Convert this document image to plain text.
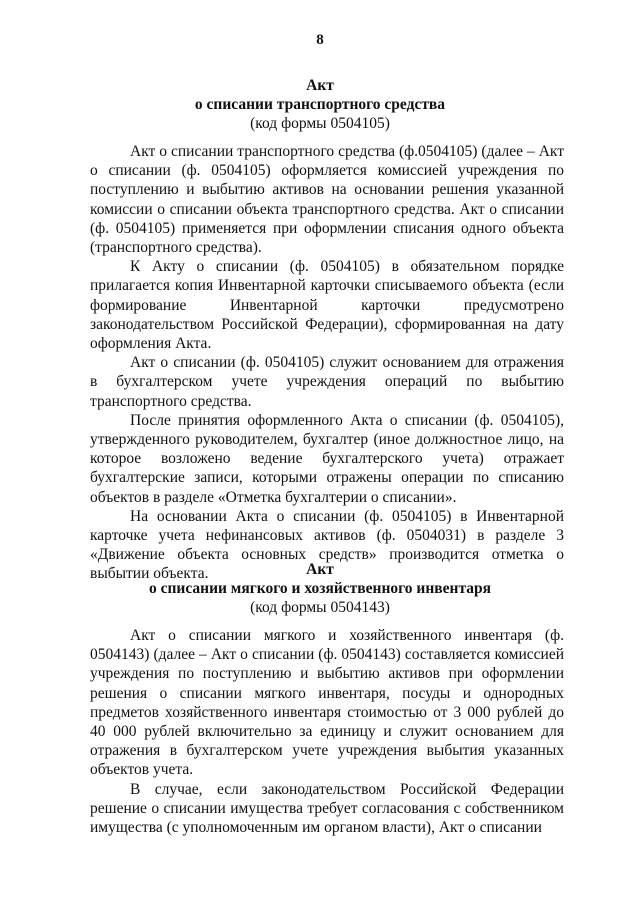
8
Акт
о списании транспортного средства
(код формы 0504105)

Акт о списании транспортного средства (ф.0504105) (далее – Акт о списании (ф. 0504105) оформляется комиссией учреждения по поступлению и выбытию активов на основании решения указанной комиссии о списании объекта транспортного средства. Акт о списании (ф. 0504105) применяется при оформлении списания одного объекта (транспортного средства).

К Акту о списании (ф. 0504105) в обязательном порядке прилагается копия Инвентарной карточки списываемого объекта (если формирование Инвентарной карточки предусмотрено законодательством Российской Федерации), сформированная на дату оформления Акта.

Акт о списании (ф. 0504105) служит основанием для отражения в бухгалтерском учете учреждения операций по выбытию транспортного средства.

После принятия оформленного Акта о списании (ф. 0504105), утвержденного руководителем, бухгалтер (иное должностное лицо, на которое возложено ведение бухгалтерского учета) отражает бухгалтерские записи, которыми отражены операции по списанию объектов в разделе «Отметка бухгалтерии о списании».

На основании Акта о списании (ф. 0504105) в Инвентарной карточке учета нефинансовых активов (ф. 0504031) в разделе 3 «Движение объекта основных средств» производится отметка о выбытии объекта.	Акт
о списании мягкого и хозяйственного инвентаря
(код формы 0504143)

Акт о списании мягкого и хозяйственного инвентаря (ф. 0504143) (далее – Акт о списании (ф. 0504143) составляется комиссией учреждения по поступлению и выбытию активов при оформлении решения о списании мягкого инвентаря, посуды и однородных предметов хозяйственного инвентаря стоимостью от 3 000 рублей до 40 000 рублей включительно за единицу и служит основанием для отражения в бухгалтерском учете учреждения выбытия указанных объектов учета.

В случае, если законодательством Российской Федерации решение о списании имущества требует согласования с собственником имущества (с уполномоченным им органом власти), Акт о списании
